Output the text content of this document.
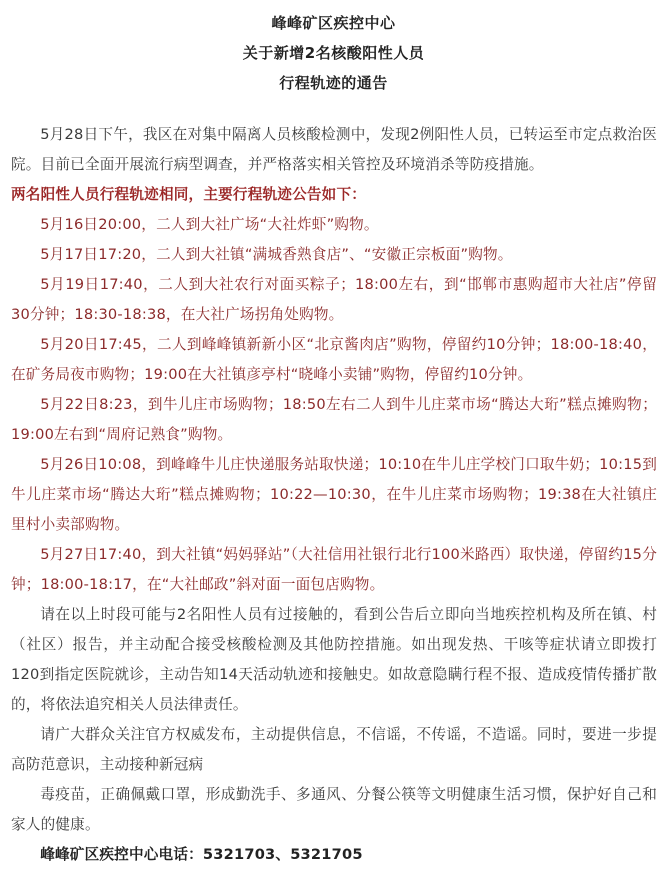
峰峰矿区疾控中心
关于新增2名核酸阳性人员
行程轨迹的通告

5月28日下午，我区在对集中隔离人员核酸检测中，发现2例阳性人员，已转运至市定点救治医院。目前已全面开展流行病型调查，并严格落实相关管控及环境消杀等防疫措施。

两名阳性人员行程轨迹相同，主要行程轨迹公告如下：

5月16日20:00，二人到大社广场“大社炸虾”购物。

5月17日17:20，二人到大社镇“满城香熟食店”、“安徽正宗板面”购物。

5月19日17:40，二人到大社农行对面买粽子；18:00左右，到“邯郸市惠购超市大社店”停留30分钟；18:30-18:38，在大社广场拐角处购物。

5月20日17:45，二人到峰峰镇新新小区“北京酱肉店”购物，停留约10分钟；18:00-18:40，在矿务局夜市购物；19:00在大社镇彦亭村“晓峰小卖铺”购物，停留约10分钟。

5月22日8:23，到牛儿庄市场购物；18:50左右二人到牛儿庄菜市场“腾达大珩”糕点摊购物；19:00左右到“周府记熟食”购物。

5月26日10:08，到峰峰牛儿庄快递服务站取快递；10:10在牛儿庄学校门口取牛奶；10:15到牛儿庄菜市场“腾达大珩”糕点摊购物；10:22—10:30，在牛儿庄菜市场购物；19:38在大社镇庄里村小卖部购物。

5月27日17:40，到大社镇“妈妈驿站”（大社信用社银行北行100米路西）取快递，停留约15分钟；18:00-18:17，在“大社邮政”斜对面一面包店购物。

请在以上时段可能与2名阳性人员有过接触的，看到公告后立即向当地疾控机构及所在镇、村（社区）报告，并主动配合接受核酸检测及其他防控措施。如出现发热、干咳等症状请立即拨打120到指定医院就诊，主动告知14天活动轨迹和接触史。如故意隐瞒行程不报、造成疫情传播扩散的，将依法追究相关人员法律责任。

请广大群众关注官方权威发布，主动提供信息，不信谣，不传谣，不造谣。同时，要进一步提高防范意识，主动接种新冠病

毒疫苗，正确佩戴口罩，形成勤洗手、多通风、分餐公筷等文明健康生活习惯，保护好自己和家人的健康。

峰峰矿区疾控中心电话：5321703、5321705
